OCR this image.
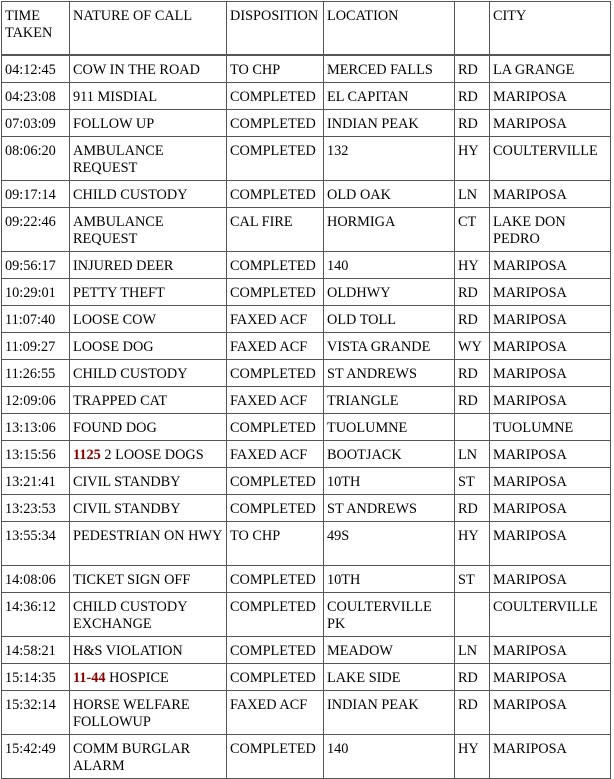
TIME TAKEN	NATURE OF CALL	DISPOSITION	LOCATION		CITY
04:12:45	COW IN THE ROAD	TO CHP	MERCED FALLS	RD	LA GRANGE
04:23:08	911 MISDIAL	COMPLETED	EL CAPITAN	RD	MARIPOSA
07:03:09	FOLLOW UP	COMPLETED	INDIAN PEAK	RD	MARIPOSA
08:06:20	AMBULANCE REQUEST	COMPLETED	132	HY	COULTERVILLE
09:17:14	CHILD CUSTODY	COMPLETED	OLD OAK	LN	MARIPOSA
09:22:46	AMBULANCE REQUEST	CAL FIRE	HORMIGA	CT	LAKE DON PEDRO
09:56:17	INJURED DEER	COMPLETED	140	HY	MARIPOSA
10:29:01	PETTY THEFT	COMPLETED	OLDHWY	RD	MARIPOSA
11:07:40	LOOSE COW	FAXED ACF	OLD TOLL	RD	MARIPOSA
11:09:27	LOOSE DOG	FAXED ACF	VISTA GRANDE	WY	MARIPOSA
11:26:55	CHILD CUSTODY	COMPLETED	ST ANDREWS	RD	MARIPOSA
12:09:06	TRAPPED CAT	FAXED ACF	TRIANGLE	RD	MARIPOSA
13:13:06	FOUND DOG	COMPLETED	TUOLUMNE		TUOLUMNE
13:15:56	1125 2 LOOSE DOGS	FAXED ACF	BOOTJACK	LN	MARIPOSA
13:21:41	CIVIL STANDBY	COMPLETED	10TH	ST	MARIPOSA
13:23:53	CIVIL STANDBY	COMPLETED	ST ANDREWS	RD	MARIPOSA
13:55:34	PEDESTRIAN ON HWY	TO CHP	49S	HY	MARIPOSA
14:08:06	TICKET SIGN OFF	COMPLETED	10TH	ST	MARIPOSA
14:36:12	CHILD CUSTODY EXCHANGE	COMPLETED	COULTERVILLE PK		COULTERVILLE
14:58:21	H&S VIOLATION	COMPLETED	MEADOW	LN	MARIPOSA
15:14:35	11-44 HOSPICE	COMPLETED	LAKE SIDE	RD	MARIPOSA
15:32:14	HORSE WELFARE FOLLOWUP	FAXED ACF	INDIAN PEAK	RD	MARIPOSA
15:42:49	COMM BURGLAR ALARM	COMPLETED	140	HY	MARIPOSA
